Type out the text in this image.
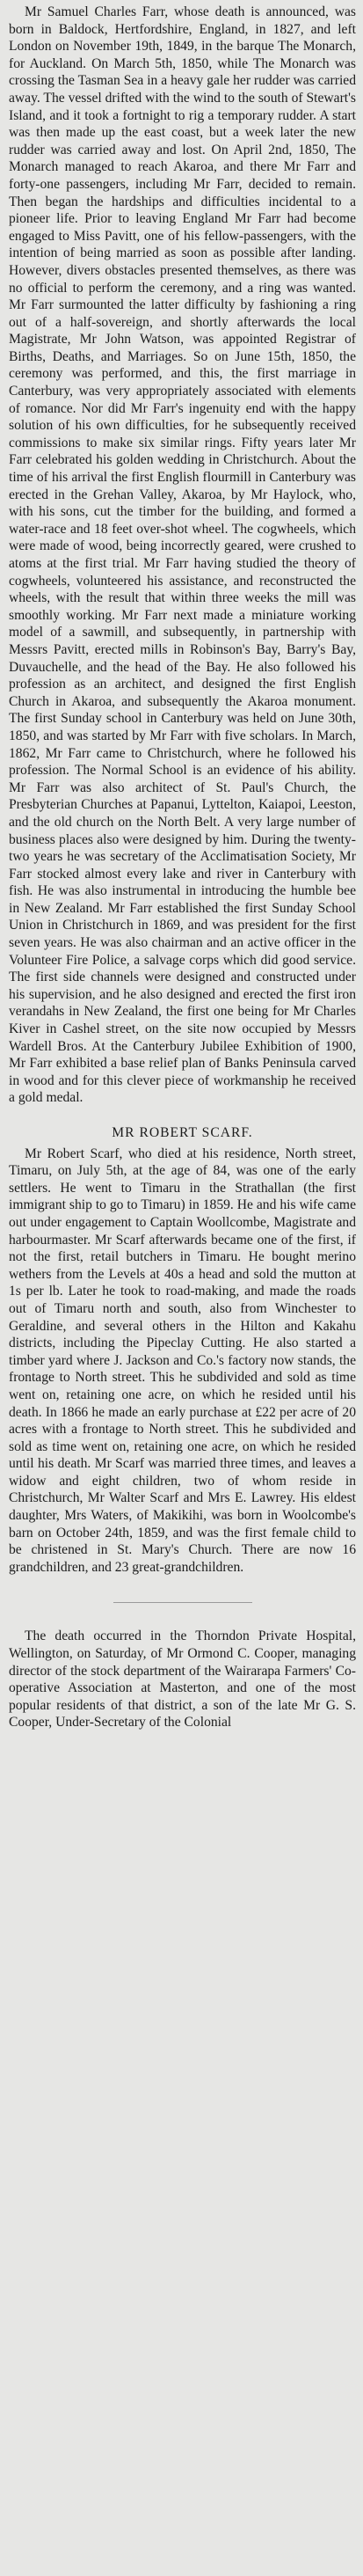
Mr Samuel Charles Farr, whose death is announced, was born in Baldock, Hertfordshire, England, in 1827, and left London on November 19th, 1849, in the barque The Monarch, for Auckland. On March 5th, 1850, while The Monarch was crossing the Tasman Sea in a heavy gale her rudder was carried away. The vessel drifted with the wind to the south of Stewart's Island, and it took a fortnight to rig a temporary rudder. A start was then made up the east coast, but a week later the new rudder was carried away and lost. On April 2nd, 1850, The Monarch managed to reach Akaroa, and there Mr Farr and forty-one passengers, including Mr Farr, decided to remain. Then began the hardships and difficulties incidental to a pioneer life. Prior to leaving England Mr Farr had become engaged to Miss Pavitt, one of his fellow-passengers, with the intention of being married as soon as possible after landing. However, divers obstacles presented themselves, as there was no official to perform the ceremony, and a ring was wanted. Mr Farr surmounted the latter difficulty by fashioning a ring out of a half-sovereign, and shortly afterwards the local Magistrate, Mr John Watson, was appointed Registrar of Births, Deaths, and Marriages. So on June 15th, 1850, the ceremony was performed, and this, the first marriage in Canterbury, was very appropriately associated with elements of romance. Nor did Mr Farr's ingenuity end with the happy solution of his own difficulties, for he subsequently received commissions to make six similar rings. Fifty years later Mr Farr celebrated his golden wedding in Christchurch. About the time of his arrival the first English flourmill in Canterbury was erected in the Grehan Valley, Akaroa, by Mr Haylock, who, with his sons, cut the timber for the building, and formed a water-race and 18 feet over-shot wheel. The cogwheels, which were made of wood, being incorrectly geared, were crushed to atoms at the first trial. Mr Farr having studied the theory of cogwheels, volunteered his assistance, and reconstructed the wheels, with the result that within three weeks the mill was smoothly working. Mr Farr next made a miniature working model of a sawmill, and subsequently, in partnership with Messrs Pavitt, erected mills in Robinson's Bay, Barry's Bay, Duvauchelle, and the head of the Bay. He also followed his profession as an architect, and designed the first English Church in Akaroa, and subsequently the Akaroa monument. The first Sunday school in Canterbury was held on June 30th, 1850, and was started by Mr Farr with five scholars. In March, 1862, Mr Farr came to Christchurch, where he followed his profession. The Normal School is an evidence of his ability. Mr Farr was also architect of St. Paul's Church, the Presbyterian Churches at Papanui, Lyttelton, Kaiapoi, Leeston, and the old church on the North Belt. A very large number of business places also were designed by him. During the twenty-two years he was secretary of the Acclimatisation Society, Mr Farr stocked almost every lake and river in Canterbury with fish. He was also instrumental in introducing the humble bee in New Zealand. Mr Farr established the first Sunday School Union in Christchurch in 1869, and was president for the first seven years. He was also chairman and an active officer in the Volunteer Fire Police, a salvage corps which did good service. The first side channels were designed and constructed under his supervision, and he also designed and erected the first iron verandahs in New Zealand, the first one being for Mr Charles Kiver in Cashel street, on the site now occupied by Messrs Wardell Bros. At the Canterbury Jubilee Exhibition of 1900, Mr Farr exhibited a base relief plan of Banks Peninsula carved in wood and for this clever piece of workmanship he received a gold medal.

MR ROBERT SCARF.

Mr Robert Scarf, who died at his residence, North street, Timaru, on July 5th, at the age of 84, was one of the early settlers. He went to Timaru in the Strathallan (the first immigrant ship to go to Timaru) in 1859. He and his wife came out under engagement to Captain Woollcombe, Magistrate and harbourmaster. Mr Scarf afterwards became one of the first, if not the first, retail butchers in Timaru. He bought merino wethers from the Levels at 40s a head and sold the mutton at 1s per lb. Later he took to road-making, and made the roads out of Timaru north and south, also from Winchester to Geraldine, and several others in the Hilton and Kakahu districts, including the Pipeclay Cutting. He also started a timber yard where J. Jackson and Co.'s factory now stands, the frontage to North street. This he subdivided and sold as time went on, retaining one acre, on which he resided until his death. In 1866 he made an early purchase at £22 per acre of 20 acres with a frontage to North street. This he subdivided and sold as time went on, retaining one acre, on which he resided until his death. Mr Scarf was married three times, and leaves a widow and eight children, two of whom reside in Christchurch, Mr Walter Scarf and Mrs E. Lawrey. His eldest daughter, Mrs Waters, of Makikihi, was born in Woolcombe's barn on October 24th, 1859, and was the first female child to be christened in St. Mary's Church. There are now 16 grandchildren, and 23 great-grandchildren.

The death occurred in the Thorndon Private Hospital, Wellington, on Saturday, of Mr Ormond C. Cooper, managing director of the stock department of the Wairarapa Farmers' Co-operative Association at Masterton, and one of the most popular residents of that district, a son of the late Mr G. S. Cooper, Under-Secretary of the Colonial
